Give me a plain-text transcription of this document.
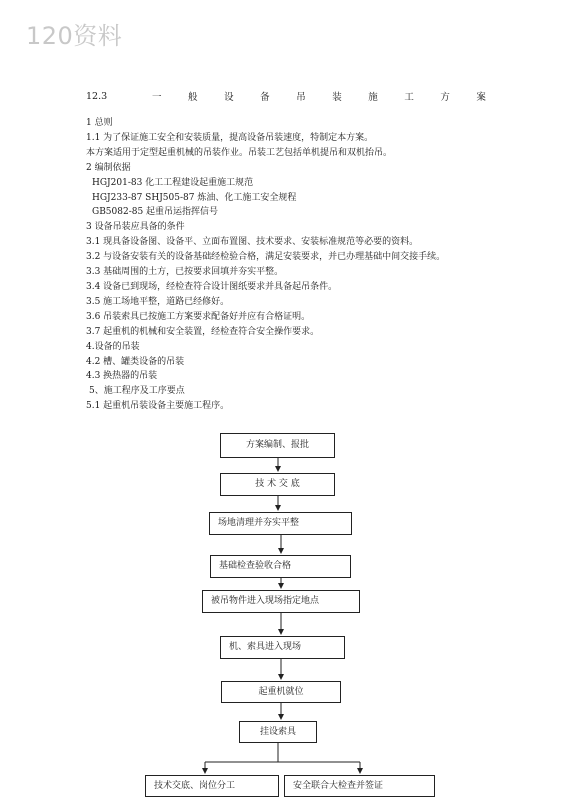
120资料
12.3	一	般	设	备	吊	装	施	工	方	案
1 总则
1.1 为了保证施工安全和安装质量，提高设备吊装速度，特制定本方案。
本方案适用于定型起重机械的吊装作业。吊装工艺包括单机提吊和双机抬吊。
2 编制依据
HGJ201-83 化工工程建设起重施工规范
HGJ233-87 SHJ505-87 炼油、化工施工安全规程
GB5082-85 起重吊运指挥信号
3 设备吊装应具备的条件
3.1 现具备设备图、设备平、立面布置图、技术要求、安装标准规范等必要的资料。
3.2 与设备安装有关的设备基础经检验合格，满足安装要求，并已办理基础中间交接手续。
3.3 基础周围的土方，已按要求回填并夯实平整。
3.4 设备已到现场，经检查符合设计图纸要求并具备起吊条件。
3.5 施工场地平整，道路已经修好。
3.6 吊装索具已按施工方案要求配备好并应有合格证明。
3.7 起重机的机械和安全装置，经检查符合安全操作要求。
4.设备的吊装
4.2 槽、罐类设备的吊装
4.3 换热器的吊装
5、施工程序及工序要点
5.1 起重机吊装设备主要施工程序。
方案编制、报批
技 术 交 底
场地清理并夯实平整
基础检查验收合格
被吊物件进入现场指定地点
机、索具进入现场
起重机就位
挂设索具
技术交底、岗位分工	安全联合大检查并签证
